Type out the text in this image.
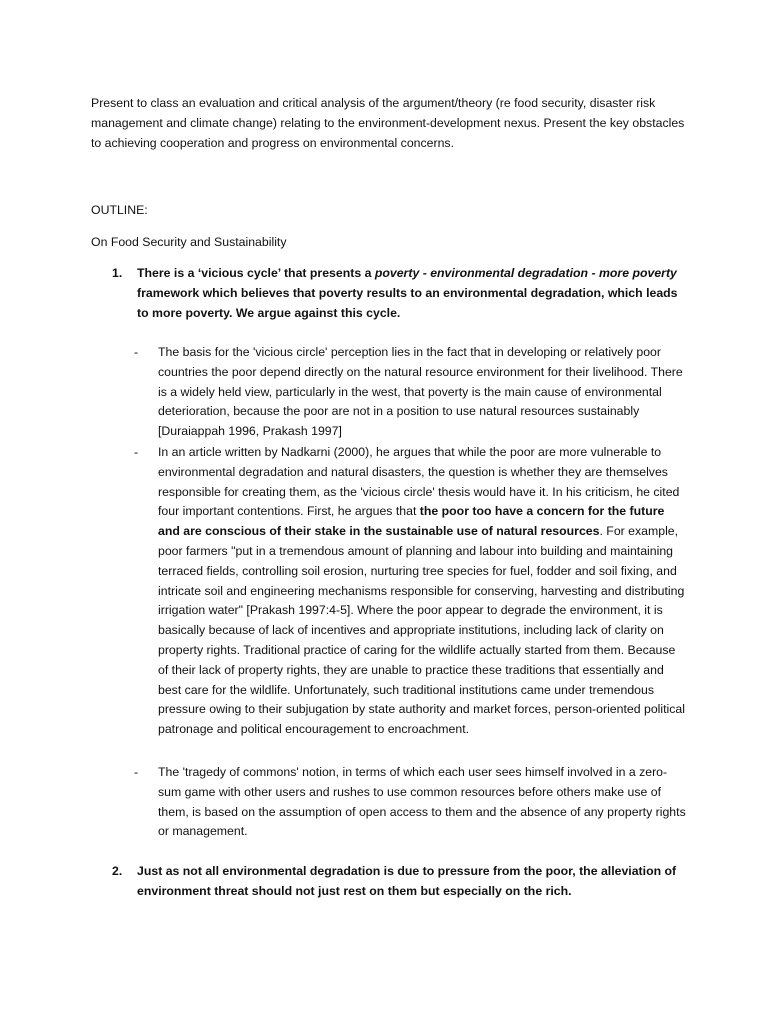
Present to class an evaluation and critical analysis of the argument/theory (re food security, disaster risk management and climate change) relating to the environment-development nexus. Present the key obstacles to achieving cooperation and progress on environmental concerns.

OUTLINE:

On Food Security and Sustainability

1.	There is a ‘vicious cycle’ that presents a poverty - environmental degradation - more poverty framework which believes that poverty results to an environmental degradation, which leads to more poverty. We argue against this cycle.

- The basis for the 'vicious circle' perception lies in the fact that in developing or relatively poor countries the poor depend directly on the natural resource environment for their livelihood. There is a widely held view, particularly in the west, that poverty is the main cause of environmental deterioration, because the poor are not in a position to use natural resources sustainably [Duraiappah 1996, Prakash 1997]

- In an article written by Nadkarni (2000), he argues that while the poor are more vulnerable to environmental degradation and natural disasters, the question is whether they are themselves responsible for creating them, as the 'vicious circle' thesis would have it. In his criticism, he cited four important contentions. First, he argues that the poor too have a concern for the future and are conscious of their stake in the sustainable use of natural resources. For example, poor farmers "put in a tremendous amount of planning and labour into building and maintaining terraced fields, controlling soil erosion, nurturing tree species for fuel, fodder and soil fixing, and intricate soil and engineering mechanisms responsible for conserving, harvesting and distributing irrigation water" [Prakash 1997:4-5]. Where the poor appear to degrade the environment, it is basically because of lack of incentives and appropriate institutions, including lack of clarity on property rights. Traditional practice of caring for the wildlife actually started from them. Because of their lack of property rights, they are unable to practice these traditions that essentially and best care for the wildlife. Unfortunately, such traditional institutions came under tremendous pressure owing to their subjugation by state authority and market forces, person-oriented political patronage and political encouragement to encroachment.

- The 'tragedy of commons' notion, in terms of which each user sees himself involved in a zero-sum game with other users and rushes to use common resources before others make use of them, is based on the assumption of open access to them and the absence of any property rights or management.

2.	Just as not all environmental degradation is due to pressure from the poor, the alleviation of environment threat should not just rest on them but especially on the rich.
